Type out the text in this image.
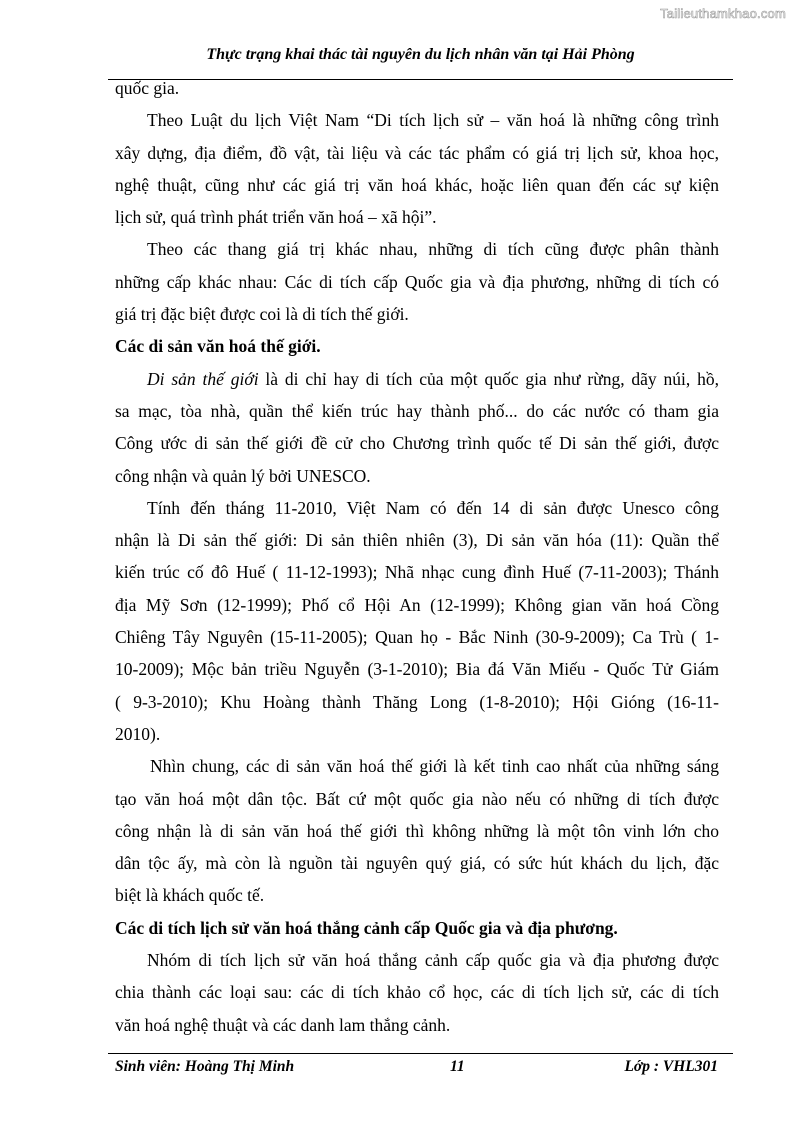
Tailieuthamkhao.com
Thực trạng khai thác tài nguyên du lịch nhân văn tại Hải Phòng
quốc gia.
Theo Luật du lịch Việt Nam “Di tích lịch sử – văn hoá là những công trình
xây dựng, địa điểm, đồ vật, tài liệu và các tác phẩm có giá trị lịch sử, khoa học,
nghệ thuật, cũng như các giá trị văn hoá khác, hoặc liên quan đến các sự kiện
lịch sử, quá trình phát triển văn hoá – xã hội”.
Theo các thang giá trị khác nhau, những di tích cũng được phân thành
những cấp khác nhau: Các di tích cấp Quốc gia và địa phương, những di tích có
giá trị đặc biệt được coi là di tích thế giới.
Các di sản văn hoá thế giới.
Di sản thế giới là di chỉ hay di tích của một quốc gia như rừng, dãy núi, hồ,
sa mạc, tòa nhà, quần thể kiến trúc hay thành phố... do các nước có tham gia
Công ước di sản thế giới đề cử cho Chương trình quốc tế Di sản thế giới, được
công nhận và quản lý bởi UNESCO.
Tính đến tháng 11-2010, Việt Nam có đến 14 di sản được Unesco công
nhận là Di sản thế giới: Di sản thiên nhiên (3), Di sản văn hóa (11): Quần thể
kiến trúc cố đô Huế ( 11-12-1993); Nhã nhạc cung đình Huế (7-11-2003); Thánh
địa Mỹ Sơn (12-1999); Phố cổ Hội An (12-1999); Không gian văn hoá Cồng
Chiêng Tây Nguyên (15-11-2005); Quan họ - Bắc Ninh (30-9-2009); Ca Trù ( 1-
10-2009); Mộc bản triều Nguyễn (3-1-2010); Bia đá Văn Miếu - Quốc Tử Giám
( 9-3-2010); Khu Hoàng thành Thăng Long (1-8-2010); Hội Gióng (16-11-
2010).
Nhìn chung, các di sản văn hoá thế giới là kết tinh cao nhất của những sáng
tạo văn hoá một dân tộc. Bất cứ một quốc gia nào nếu có những di tích được
công nhận là di sản văn hoá thế giới thì không những là một tôn vinh lớn cho
dân tộc ấy, mà còn là nguồn tài nguyên quý giá, có sức hút khách du lịch, đặc
biệt là khách quốc tế.
Các di tích lịch sử văn hoá thắng cảnh cấp Quốc gia và địa phương.
Nhóm di tích lịch sử văn hoá thắng cảnh cấp quốc gia và địa phương được
chia thành các loại sau: các di tích khảo cổ học, các di tích lịch sử, các di tích
văn hoá nghệ thuật và các danh lam thắng cảnh.
Sinh viên: Hoàng Thị Minh	11	Lớp : VHL301
